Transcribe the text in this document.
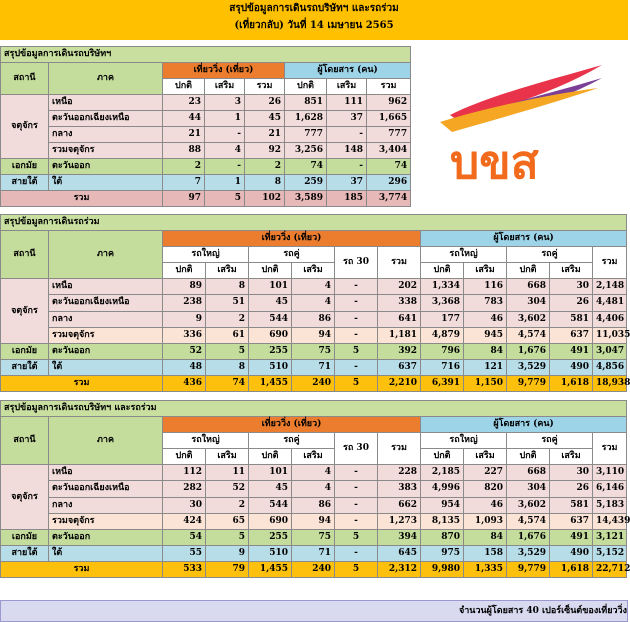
สรุปข้อมูลการเดินรถบริษัทฯ และรถร่วม
(เที่ยวกลับ) วันที่ 14 เมษายน 2565
สรุปข้อมูลการเดินรถบริษัทฯ							
สถานี	ภาค	เที่ยววิ่ง (เที่ยว)			ผู้โดยสาร (คน)		
		ปกติ	เสริม	รวม	ปกติ	เสริม	รวม
จตุจักร	เหนือ	23	3	26	851	111	962
	ตะวันออกเฉียงเหนือ	44	1	45	1,628	37	1,665
	กลาง	21	-	21	777	-	777
	รวมจตุจักร	88	4	92	3,256	148	3,404
เอกมัย	ตะวันออก	2	-	2	74	-	74
สายใต้	ใต้	7	1	8	259	37	296
รวม		97	5	102	3,589	185	3,774
บขส
สรุปข้อมูลการเดินรถร่วม												
สถานี	ภาค	เที่ยววิ่ง (เที่ยว)						ผู้โดยสาร (คน)				
		รถใหญ่		รถคู่		รถ 30	รวม	รถใหญ่		รถคู่		รวม
		ปกติ	เสริม	ปกติ	เสริม			ปกติ	เสริม	ปกติ	เสริม	
จตุจักร	เหนือ	89	8	101	4	-	202	1,334	116	668	30	2,148
	ตะวันออกเฉียงเหนือ	238	51	45	4	-	338	3,368	783	304	26	4,481
	กลาง	9	2	544	86	-	641	177	46	3,602	581	4,406
	รวมจตุจักร	336	61	690	94	-	1,181	4,879	945	4,574	637	11,035
เอกมัย	ตะวันออก	52	5	255	75	5	392	796	84	1,676	491	3,047
สายใต้	ใต้	48	8	510	71	-	637	716	121	3,529	490	4,856
รวม		436	74	1,455	240	5	2,210	6,391	1,150	9,779	1,618	18,938
สรุปข้อมูลการเดินรถบริษัทฯ และรถร่วม												
สถานี	ภาค	เที่ยววิ่ง (เที่ยว)						ผู้โดยสาร (คน)				
		รถใหญ่		รถคู่		รถ 30	รวม	รถใหญ่		รถคู่		รวม
		ปกติ	เสริม	ปกติ	เสริม			ปกติ	เสริม	ปกติ	เสริม	
จตุจักร	เหนือ	112	11	101	4	-	228	2,185	227	668	30	3,110
	ตะวันออกเฉียงเหนือ	282	52	45	4	-	383	4,996	820	304	26	6,146
	กลาง	30	2	544	86	-	662	954	46	3,602	581	5,183
	รวมจตุจักร	424	65	690	94	-	1,273	8,135	1,093	4,574	637	14,439
เอกมัย	ตะวันออก	54	5	255	75	5	394	870	84	1,676	491	3,121
สายใต้	ใต้	55	9	510	71	-	645	975	158	3,529	490	5,152
รวม		533	79	1,455	240	5	2,312	9,980	1,335	9,779	1,618	22,712
จำนวนผู้โดยสาร 40 เปอร์เซ็นต์ของเที่ยววิ่ง
